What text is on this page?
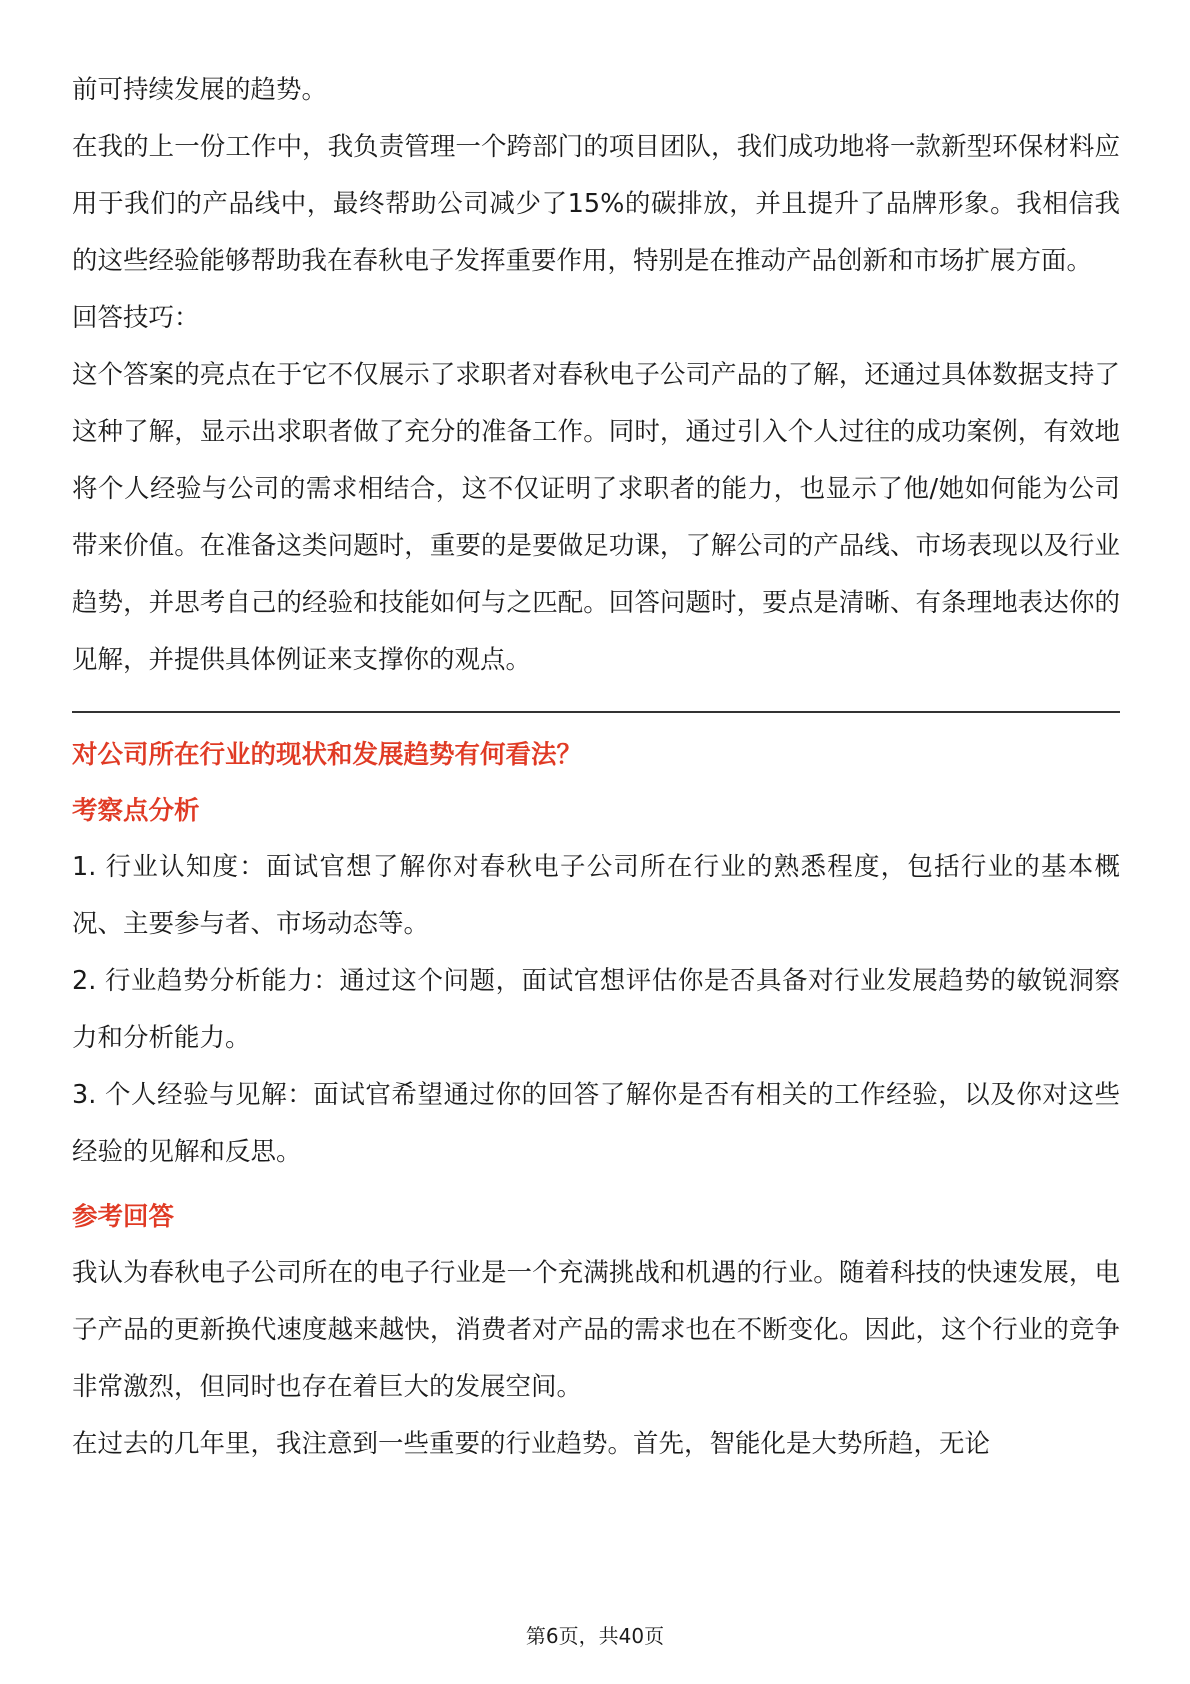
前可持续发展的趋势。

在我的上一份工作中，我负责管理一个跨部门的项目团队，我们成功地将一款新型环保材料应用于我们的产品线中，最终帮助公司减少了15%的碳排放，并且提升了品牌形象。我相信我的这些经验能够帮助我在春秋电子发挥重要作用，特别是在推动产品创新和市场扩展方面。

回答技巧：

这个答案的亮点在于它不仅展示了求职者对春秋电子公司产品的了解，还通过具体数据支持了这种了解，显示出求职者做了充分的准备工作。同时，通过引入个人过往的成功案例，有效地将个人经验与公司的需求相结合，这不仅证明了求职者的能力，也显示了他/她如何能为公司带来价值。在准备这类问题时，重要的是要做足功课，了解公司的产品线、市场表现以及行业趋势，并思考自己的经验和技能如何与之匹配。回答问题时，要点是清晰、有条理地表达你的见解，并提供具体例证来支撑你的观点。

对公司所在行业的现状和发展趋势有何看法？

考察点分析

1. 行业认知度：面试官想了解你对春秋电子公司所在行业的熟悉程度，包括行业的基本概况、主要参与者、市场动态等。

2. 行业趋势分析能力：通过这个问题，面试官想评估你是否具备对行业发展趋势的敏锐洞察力和分析能力。

3. 个人经验与见解：面试官希望通过你的回答了解你是否有相关的工作经验，以及你对这些经验的见解和反思。

参考回答

我认为春秋电子公司所在的电子行业是一个充满挑战和机遇的行业。随着科技的快速发展，电子产品的更新换代速度越来越快，消费者对产品的需求也在不断变化。因此，这个行业的竞争非常激烈，但同时也存在着巨大的发展空间。

在过去的几年里，我注意到一些重要的行业趋势。首先，智能化是大势所趋，无论

第6页，共40页
